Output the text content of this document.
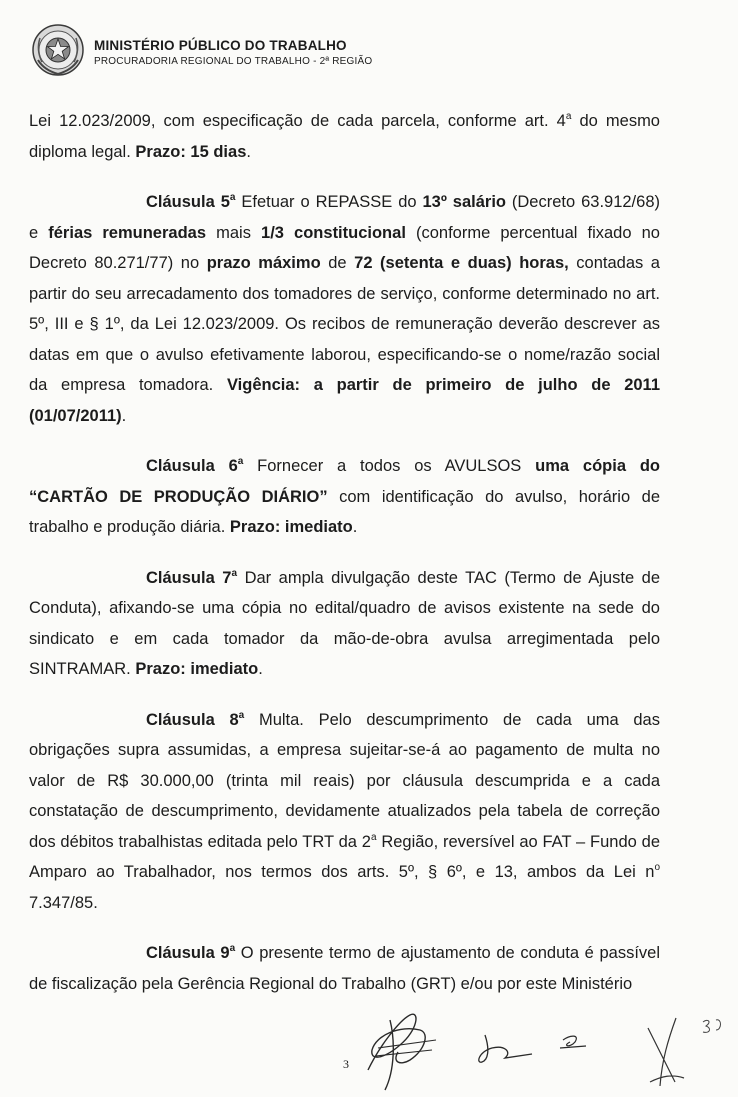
MINISTÉRIO PÚBLICO DO TRABALHO
PROCURADORIA REGIONAL DO TRABALHO - 2ª REGIÃO

Lei 12.023/2009, com especificação de cada parcela, conforme art. 4$^a$ do mesmo diploma legal. Prazo: 15 dias.

Cláusula 5$^a$ Efetuar o REPASSE do 13º salário (Decreto 63.912/68) e férias remuneradas mais 1/3 constitucional (conforme percentual fixado no Decreto 80.271/77) no prazo máximo de 72 (setenta e duas) horas, contadas a partir do seu arrecadamento dos tomadores de serviço, conforme determinado no art. 5º, III e § 1º, da Lei 12.023/2009. Os recibos de remuneração deverão descrever as datas em que o avulso efetivamente laborou, especificando-se o nome/razão social da empresa tomadora. Vigência: a partir de primeiro de julho de 2011 (01/07/2011).

Cláusula 6$^a$ Fornecer a todos os AVULSOS uma cópia do “CARTÃO DE PRODUÇÃO DIÁRIO” com identificação do avulso, horário de trabalho e produção diária. Prazo: imediato.

Cláusula 7$^a$ Dar ampla divulgação deste TAC (Termo de Ajuste de Conduta), afixando-se uma cópia no edital/quadro de avisos existente na sede do sindicato e em cada tomador da mão-de-obra avulsa arregimentada pelo SINTRAMAR. Prazo: imediato.

Cláusula 8$^a$ Multa. Pelo descumprimento de cada uma das obrigações supra assumidas, a empresa sujeitar-se-á ao pagamento de multa no valor de R$ 30.000,00 (trinta mil reais) por cláusula descumprida e a cada constatação de descumprimento, devidamente atualizados pela tabela de correção dos débitos trabalhistas editada pelo TRT da 2$^a$ Região, reversível ao FAT – Fundo de Amparo ao Trabalhador, nos termos dos arts. 5º, § 6º, e 13, ambos da Lei $n^o$ 7.347/85.

Cláusula 9$^a$ O presente termo de ajustamento de conduta é passível de fiscalização pela Gerência Regional do Trabalho (GRT) e/ou por este Ministério

3
